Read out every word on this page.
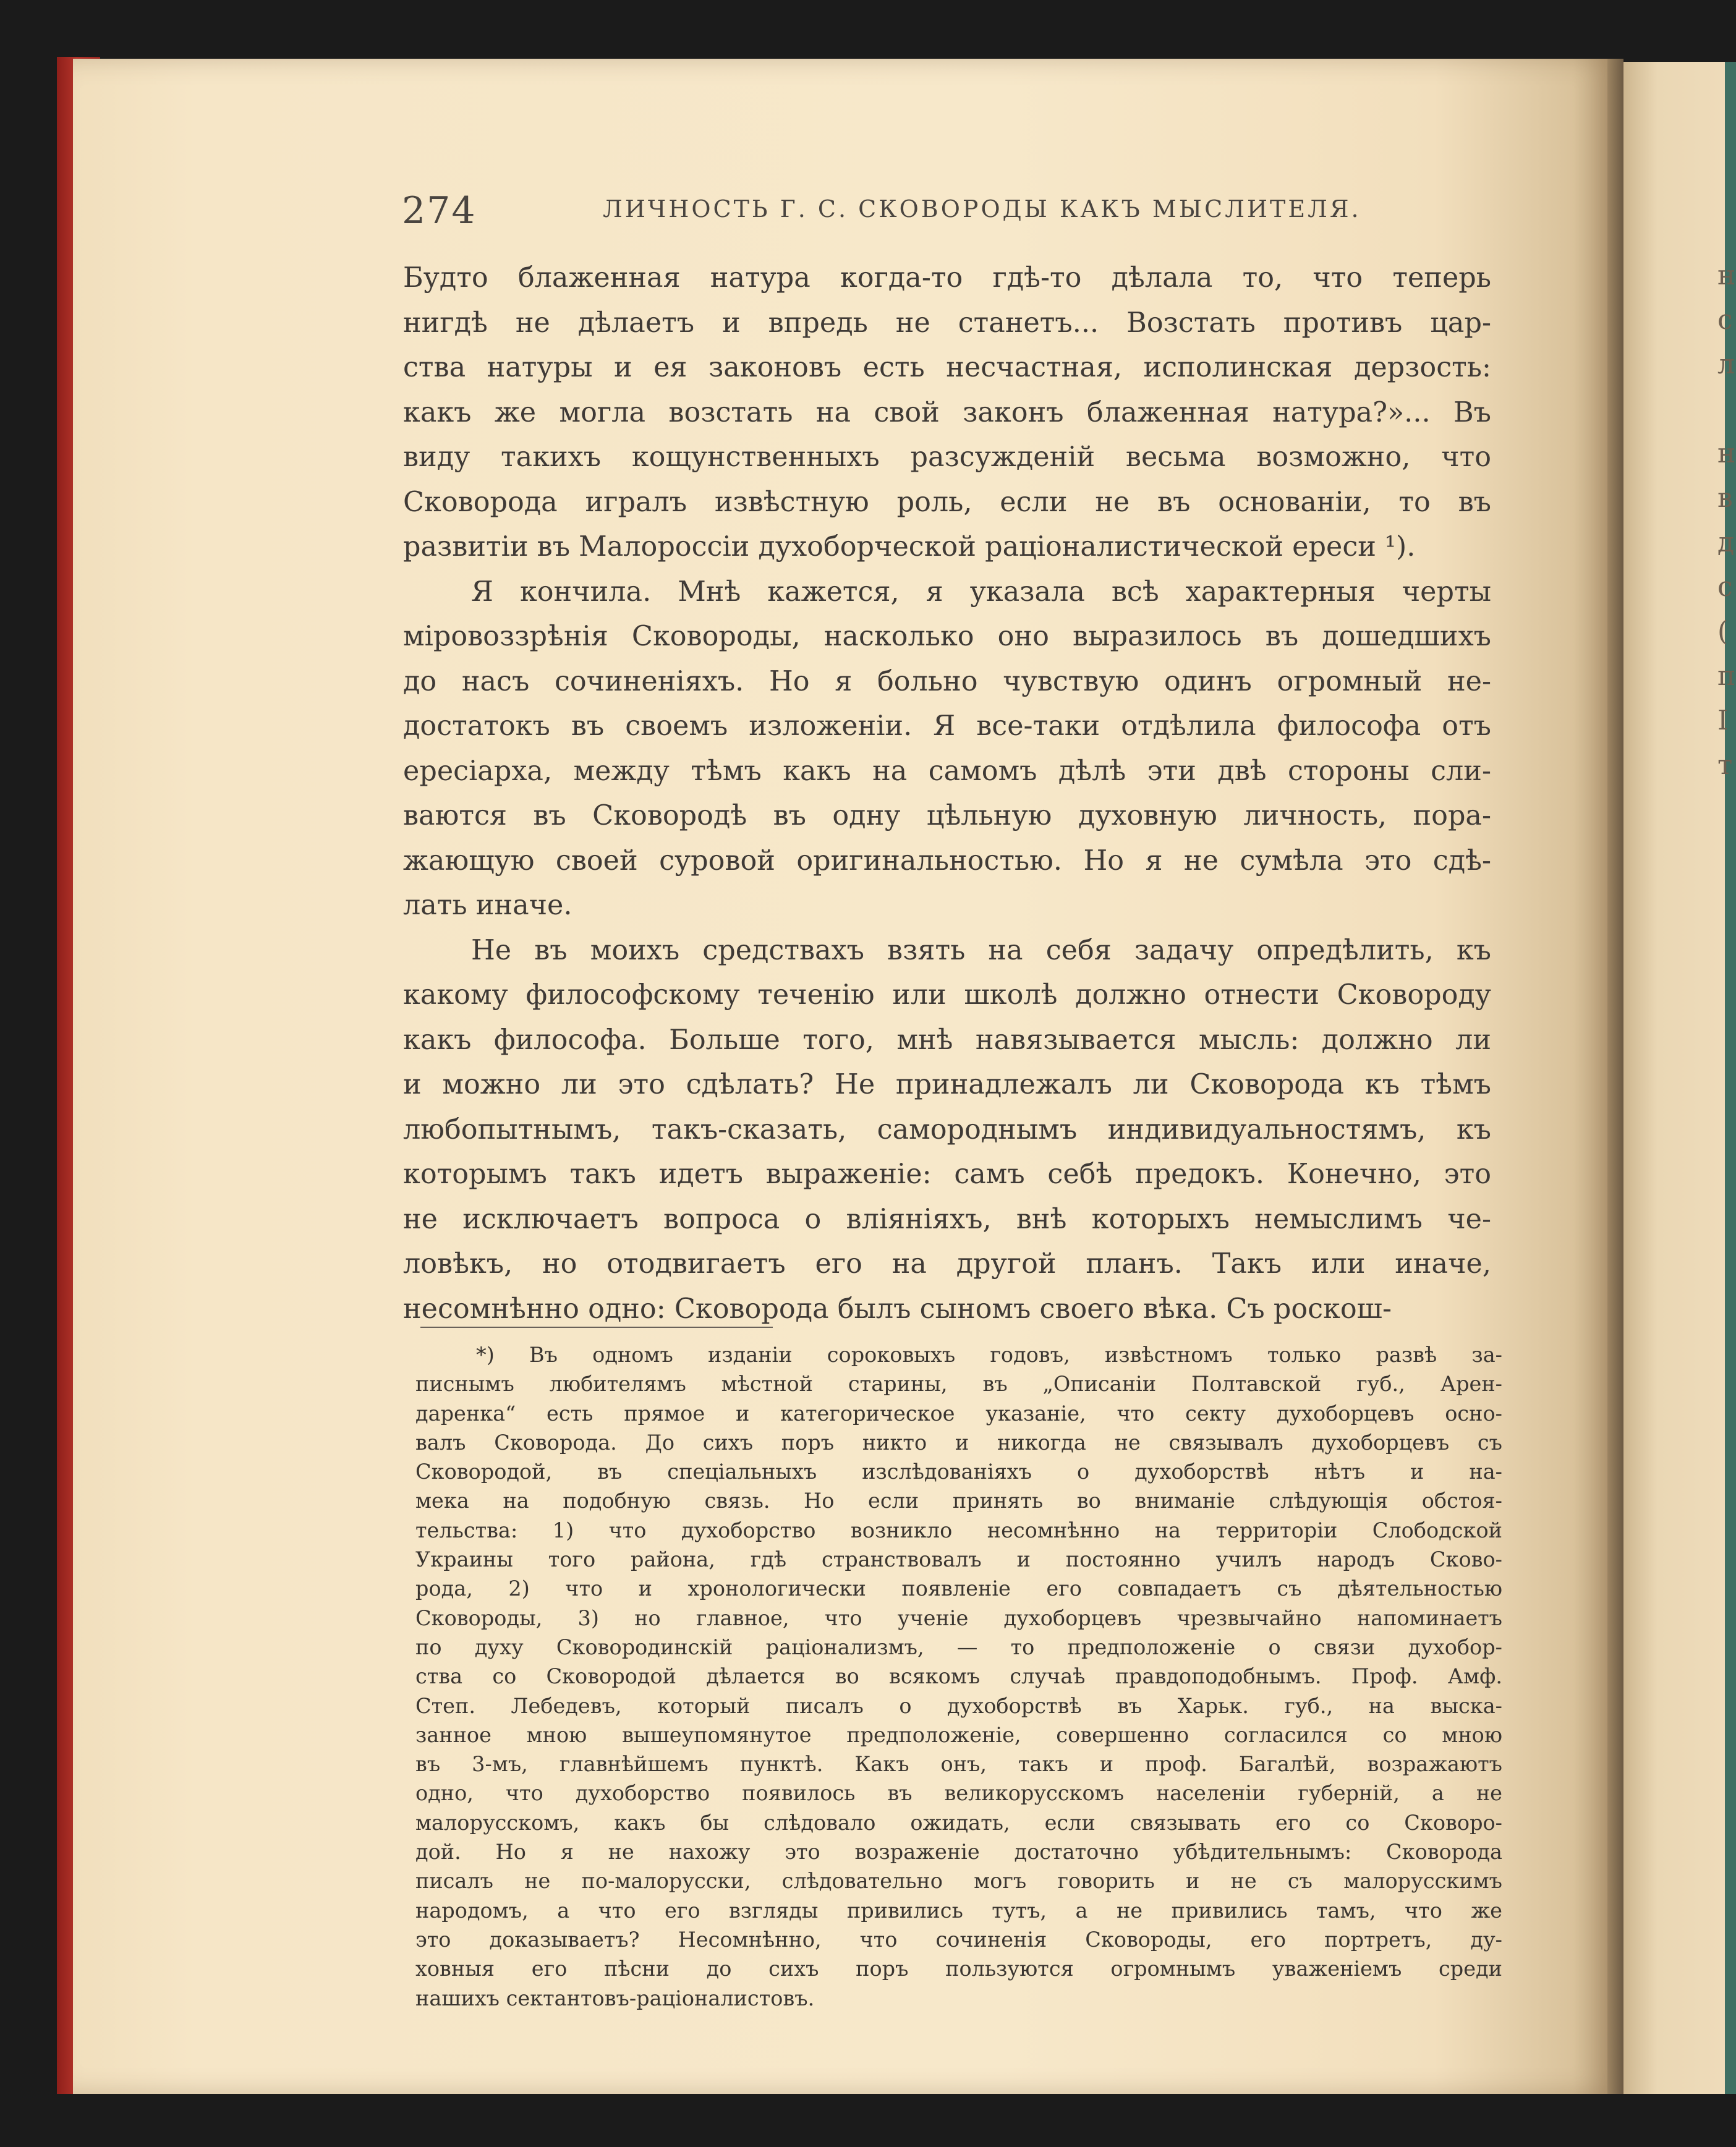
н
с
л
н
в
д
с
(
п
І
т
274	ЛИЧНОСТЬ Г. С. СКОВОРОДЫ КАКЪ МЫСЛИТЕЛЯ.
Будто блаженная натура когда-то гдѣ-то дѣлала то, что теперь
нигдѣ не дѣлаетъ и впредь не станетъ... Возстать противъ цар-
ства натуры и ея законовъ есть несчастная, исполинская дерзость:
какъ же могла возстать на свой законъ блаженная натура?»... Въ
виду такихъ кощунственныхъ разсужденій весьма возможно, что
Сковорода игралъ извѣстную роль, если не въ основаніи, то въ
развитіи въ Малороссіи духоборческой раціоналистической ереси ¹).
Я кончила. Мнѣ кажется, я указала всѣ характерныя черты
міровоззрѣнія Сковороды, насколько оно выразилось въ дошедшихъ
до насъ сочиненіяхъ. Но я больно чувствую одинъ огромный не-
достатокъ въ своемъ изложеніи. Я все-таки отдѣлила философа отъ
ересіарха, между тѣмъ какъ на самомъ дѣлѣ эти двѣ стороны сли-
ваются въ Сковородѣ въ одну цѣльную духовную личность, пора-
жающую своей суровой оригинальностью. Но я не сумѣла это сдѣ-
лать иначе.
Не въ моихъ средствахъ взять на себя задачу опредѣлить, къ
какому философскому теченію или школѣ должно отнести Сковороду
какъ философа. Больше того, мнѣ навязывается мысль: должно ли
и можно ли это сдѣлать? Не принадлежалъ ли Сковорода къ тѣмъ
любопытнымъ, такъ-сказать, самороднымъ индивидуальностямъ, къ
которымъ такъ идетъ выраженіе: самъ себѣ предокъ. Конечно, это
не исключаетъ вопроса о вліяніяхъ, внѣ которыхъ немыслимъ че-
ловѣкъ, но отодвигаетъ его на другой планъ. Такъ или иначе,
несомнѣнно одно: Сковорода былъ сыномъ своего вѣка. Съ роскош-
*) Въ одномъ изданіи сороковыхъ годовъ, извѣстномъ только развѣ за-
писнымъ любителямъ мѣстной старины, въ „Описаніи Полтавской губ., Арен-
даренка“ есть прямое и категорическое указаніе, что секту духоборцевъ осно-
валъ Сковорода. До сихъ поръ никто и никогда не связывалъ духоборцевъ съ
Сковородой, въ спеціальныхъ изслѣдованіяхъ о духоборствѣ нѣтъ и на-
мека на подобную связь. Но если принять во вниманіе слѣдующія обстоя-
тельства: 1) что духоборство возникло несомнѣнно на территоріи Слободской
Украины того района, гдѣ странствовалъ и постоянно училъ народъ Сково-
рода, 2) что и хронологически появленіе его совпадаетъ съ дѣятельностью
Сковороды, 3) но главное, что ученіе духоборцевъ чрезвычайно напоминаетъ
по духу Сковородинскій раціонализмъ, — то предположеніе о связи духобор-
ства со Сковородой дѣлается во всякомъ случаѣ правдоподобнымъ. Проф. Амф.
Степ. Лебедевъ, который писалъ о духоборствѣ въ Харьк. губ., на выска-
занное мною вышеупомянутое предположеніе, совершенно согласился со мною
въ 3-мъ, главнѣйшемъ пунктѣ. Какъ онъ, такъ и проф. Багалѣй, возражаютъ
одно, что духоборство появилось въ великорусскомъ населеніи губерній, а не
малорусскомъ, какъ бы слѣдовало ожидать, если связывать его со Сковоро-
дой. Но я не нахожу это возраженіе достаточно убѣдительнымъ: Сковорода
писалъ не по-малорусски, слѣдовательно могъ говорить и не съ малорусскимъ
народомъ, а что его взгляды привились тутъ, а не привились тамъ, что же
это доказываетъ? Несомнѣнно, что сочиненія Сковороды, его портретъ, ду-
ховныя его пѣсни до сихъ поръ пользуются огромнымъ уваженіемъ среди
нашихъ сектантовъ-раціоналистовъ.
